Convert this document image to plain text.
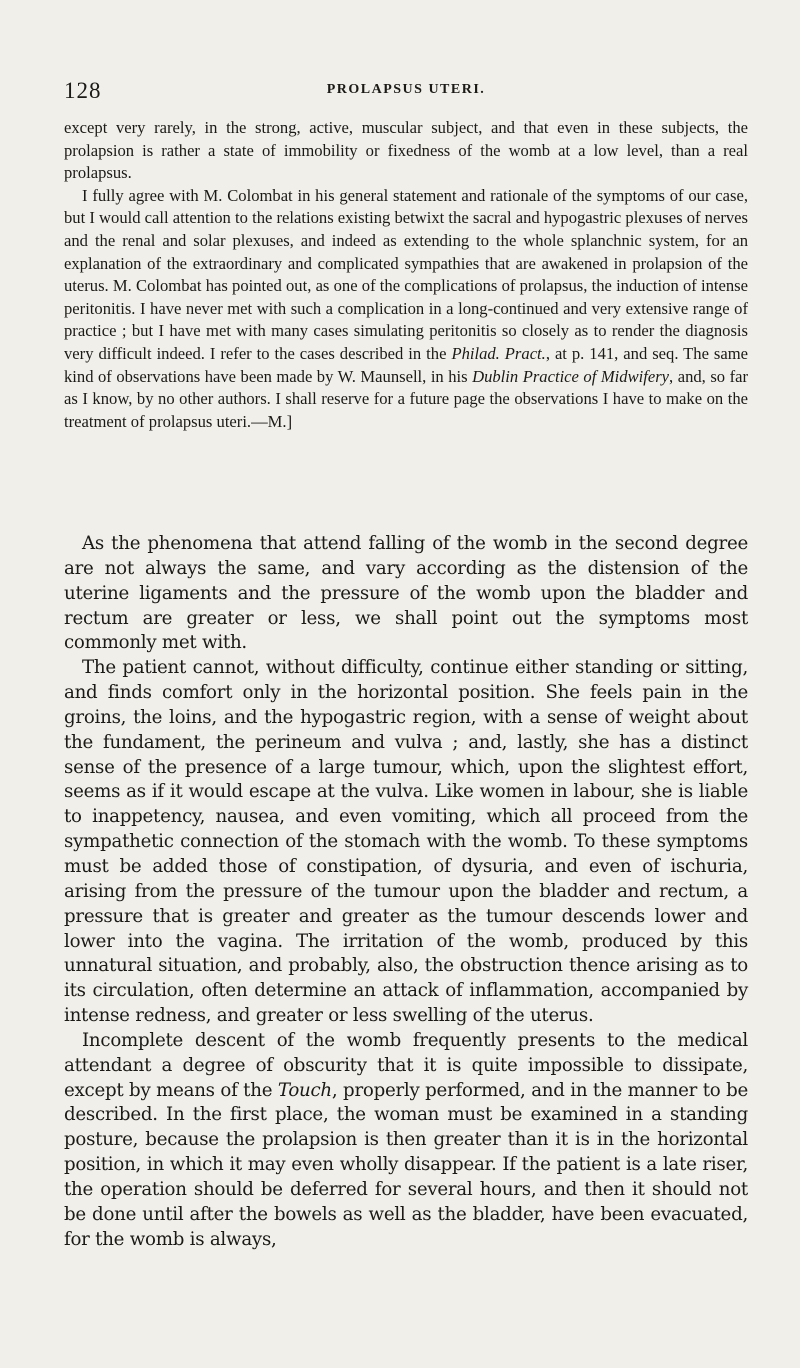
128	PROLAPSUS UTERI.

except very rarely, in the strong, active, muscular subject, and that even in these subjects, the prolapsion is rather a state of immobility or fixedness of the womb at a low level, than a real prolapsus.

I fully agree with M. Colombat in his general statement and rationale of the symptoms of our case, but I would call attention to the relations existing betwixt the sacral and hypogastric plexuses of nerves and the renal and solar plexuses, and indeed as extending to the whole splanchnic system, for an explanation of the extraordinary and complicated sympathies that are awakened in prolapsion of the uterus. M. Colombat has pointed out, as one of the complications of prolapsus, the induction of intense peritonitis. I have never met with such a complication in a long-continued and very extensive range of practice ; but I have met with many cases simulating peritonitis so closely as to render the diagnosis very difficult indeed. I refer to the cases described in the Philad. Pract., at p. 141, and seq. The same kind of observations have been made by W. Maunsell, in his Dublin Practice of Midwifery, and, so far as I know, by no other authors. I shall reserve for a future page the observations I have to make on the treatment of prolapsus uteri.—M.]

As the phenomena that attend falling of the womb in the second degree are not always the same, and vary according as the distension of the uterine ligaments and the pressure of the womb upon the bladder and rectum are greater or less, we shall point out the symptoms most commonly met with.

The patient cannot, without difficulty, continue either standing or sitting, and finds comfort only in the horizontal position. She feels pain in the groins, the loins, and the hypogastric region, with a sense of weight about the fundament, the perineum and vulva ; and, lastly, she has a distinct sense of the presence of a large tumour, which, upon the slightest effort, seems as if it would escape at the vulva. Like women in labour, she is liable to inappetency, nausea, and even vomiting, which all proceed from the sympathetic connection of the stomach with the womb. To these symptoms must be added those of constipation, of dysuria, and even of ischuria, arising from the pressure of the tumour upon the bladder and rectum, a pressure that is greater and greater as the tumour descends lower and lower into the vagina. The irritation of the womb, produced by this unnatural situation, and probably, also, the obstruction thence arising as to its circulation, often determine an attack of inflammation, accompanied by intense redness, and greater or less swelling of the uterus.

Incomplete descent of the womb frequently presents to the medical attendant a degree of obscurity that it is quite impossible to dissipate, except by means of the Touch, properly performed, and in the manner to be described. In the first place, the woman must be examined in a standing posture, because the prolapsion is then greater than it is in the horizontal position, in which it may even wholly disappear. If the patient is a late riser, the operation should be deferred for several hours, and then it should not be done until after the bowels as well as the bladder, have been evacuated, for the womb is always,
